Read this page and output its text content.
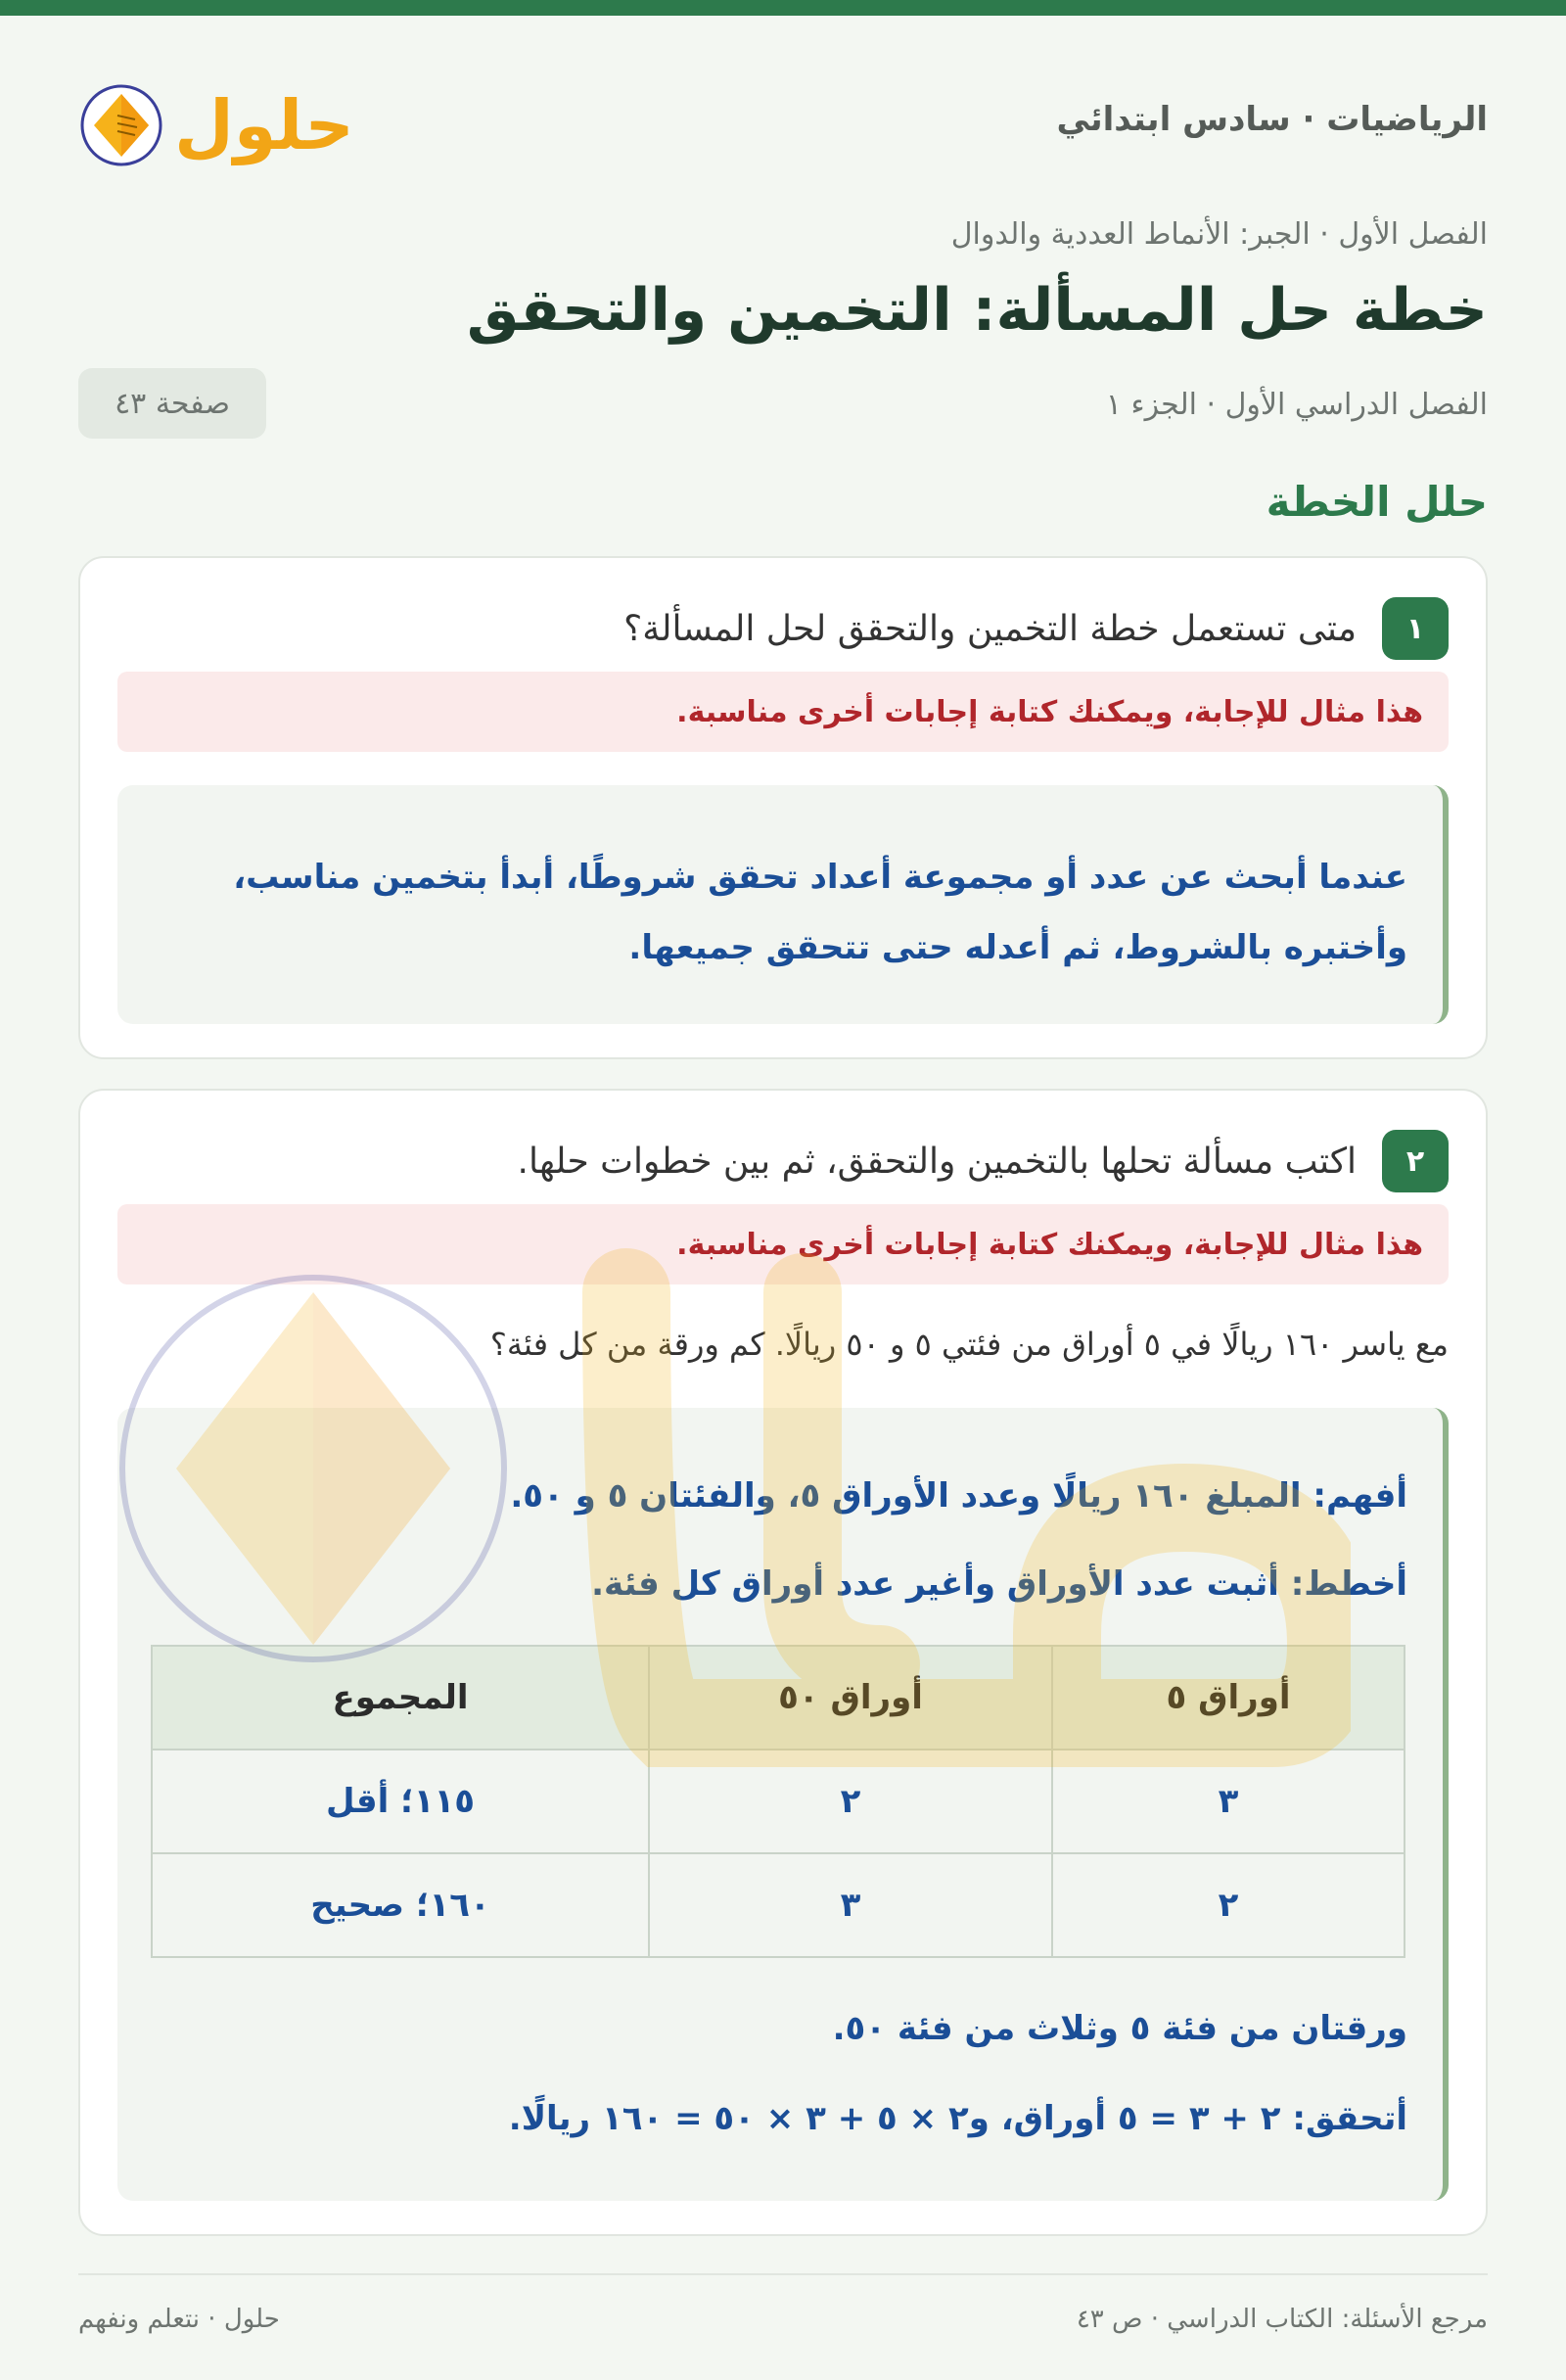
الرياضيات · سادس ابتدائي
حلول
الفصل الأول · الجبر: الأنماط العددية والدوال
خطة حل المسألة: التخمين والتحقق
الفصل الدراسي الأول · الجزء ١
صفحة ٤٣
حلل الخطة
١
متى تستعمل خطة التخمين والتحقق لحل المسألة؟
هذا مثال للإجابة، ويمكنك كتابة إجابات أخرى مناسبة.
عندما أبحث عن عدد أو مجموعة أعداد تحقق شروطًا، أبدأ بتخمين مناسب، وأختبره بالشروط، ثم أعدله حتى تتحقق جميعها.
٢
اكتب مسألة تحلها بالتخمين والتحقق، ثم بين خطوات حلها.
هذا مثال للإجابة، ويمكنك كتابة إجابات أخرى مناسبة.
مع ياسر ١٦٠ ريالًا في ٥ أوراق من فئتي ٥ و ٥٠ ريالًا. كم ورقة من كل فئة؟
أفهم: المبلغ ١٦٠ ريالًا وعدد الأوراق ٥، والفئتان ٥ و ٥٠.
أخطط: أثبت عدد الأوراق وأغير عدد أوراق كل فئة.
أوراق ٥	أوراق ٥٠	المجموع
٣	٢	١١٥؛ أقل
٢	٣	١٦٠؛ صحيح
ورقتان من فئة ٥ وثلاث من فئة ٥٠.
أتحقق: ٢ + ٣ = ٥ أوراق، و٢ × ٥ + ٣ × ٥٠ = ١٦٠ ريالًا.
مرجع الأسئلة: الكتاب الدراسي · ص ٤٣
حلول · نتعلم ونفهم
